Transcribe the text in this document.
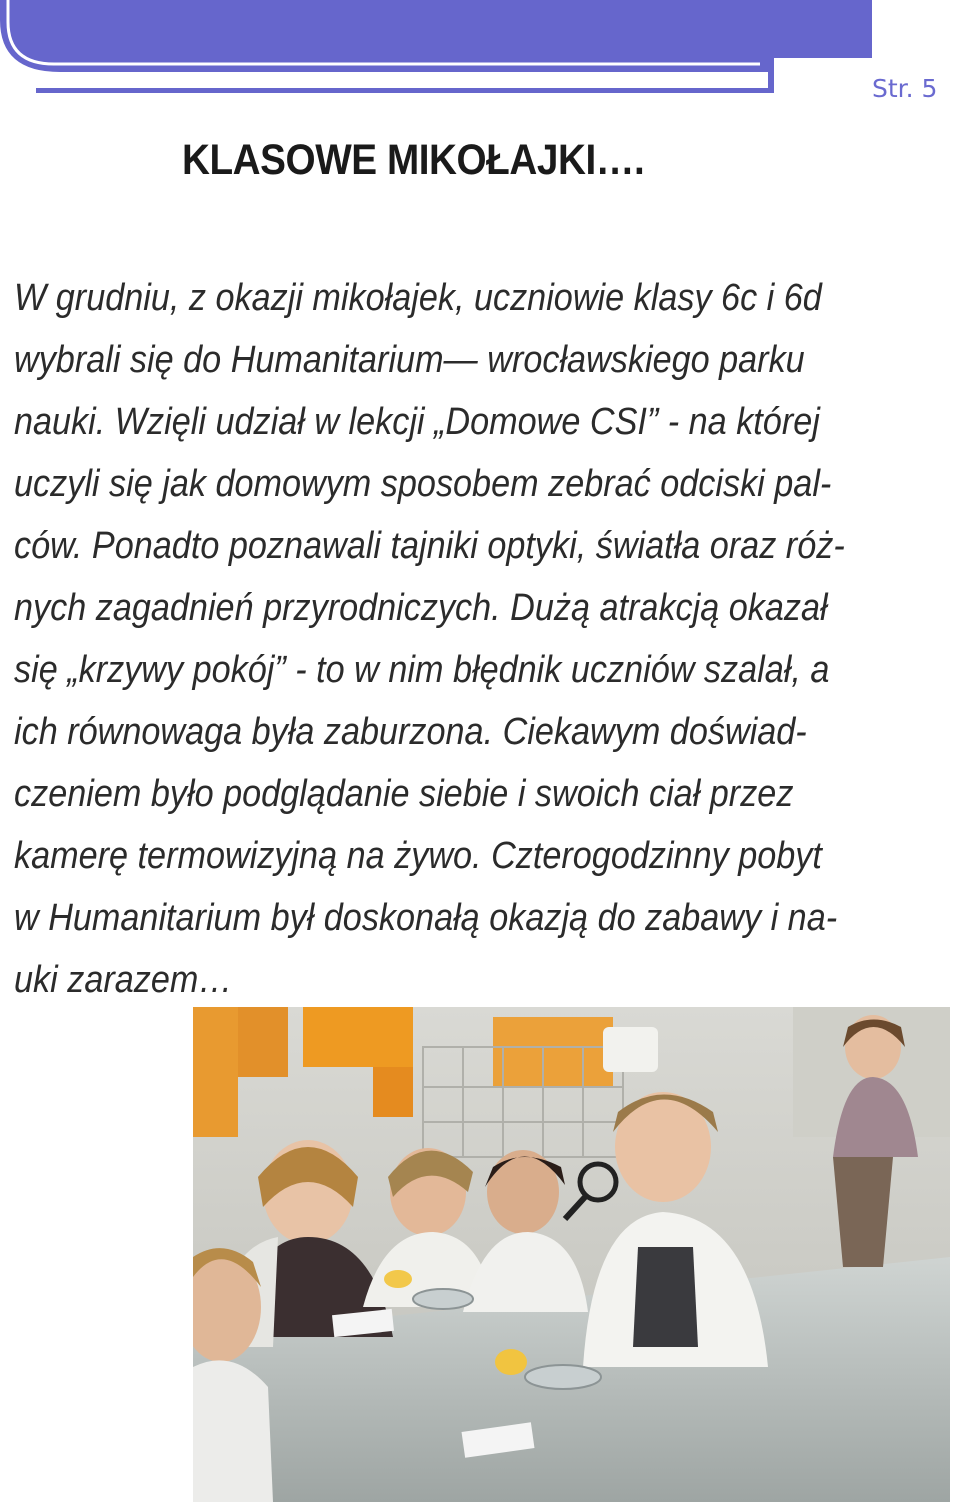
Str. 5
KLASOWE MIKOŁAJKI….

W grudniu, z okazji mikołajek, uczniowie klasy 6c i 6d
wybrali się do Humanitarium— wrocławskiego parku
nauki. Wzięli udział w lekcji „Domowe CSI” - na której
uczyli się jak domowym sposobem zebrać odciski pal-
ców. Ponadto poznawali tajniki optyki, światła oraz róż-
nych zagadnień przyrodniczych. Dużą atrakcją okazał
się „krzywy pokój” - to w nim błędnik uczniów szalał, a
ich równowaga była zaburzona. Ciekawym doświad-
czeniem było podglądanie siebie i swoich ciał przez
kamerę termowizyjną na żywo. Czterogodzinny pobyt
w Humanitarium był doskonałą okazją do zabawy i na-
uki zarazem…
